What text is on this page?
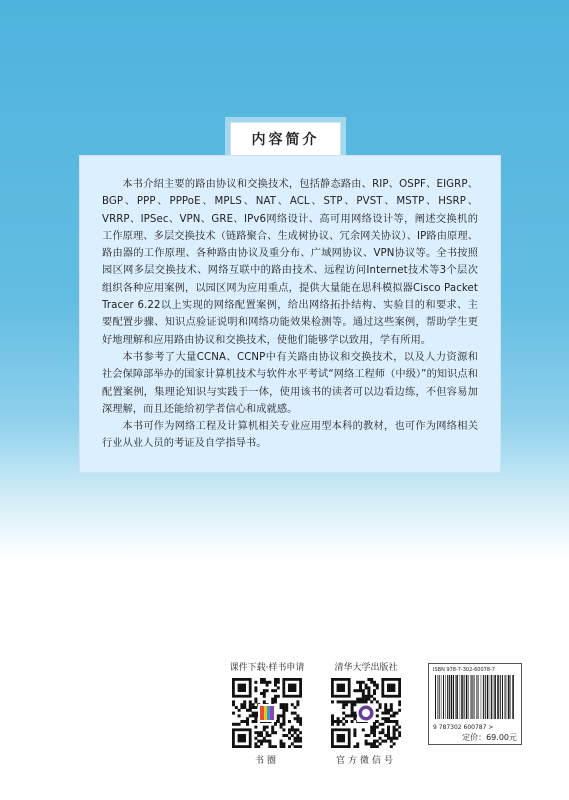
内容简介

本书介绍主要的路由协议和交换技术，包括静态路由、RIP、OSPF、EIGRP、BGP、PPP、PPPoE、MPLS、NAT、ACL、STP、PVST、MSTP、HSRP、VRRP、IPSec、VPN、GRE、IPv6网络设计、高可用网络设计等，阐述交换机的工作原理、多层交换技术（链路聚合、生成树协议、冗余网关协议）、IP路由原理、路由器的工作原理、各种路由协议及重分布、广域网协议、VPN协议等。全书按照园区网多层交换技术、网络互联中的路由技术、远程访问Internet技术等3个层次组织各种应用案例，以园区网为应用重点，提供大量能在思科模拟器Cisco Packet Tracer 6.22以上实现的网络配置案例，给出网络拓扑结构、实验目的和要求、主要配置步骤、知识点验证说明和网络功能效果检测等。通过这些案例，帮助学生更好地理解和应用路由协议和交换技术，使他们能够学以致用，学有所用。

本书参考了大量CCNA、CCNP中有关路由协议和交换技术，以及人力资源和社会保障部举办的国家计算机技术与软件水平考试“网络工程师（中级）”的知识点和配置案例，集理论知识与实践于一体，使用该书的读者可以边看边练，不但容易加深理解，而且还能给初学者信心和成就感。

本书可作为网络工程及计算机相关专业应用型本科的教材，也可作为网络相关行业从业人员的考证及自学指导书。

课件下载·样书申请
书圈
清华大学出版社
官方微信号
ISBN 978-7-302-60078-7
9 787302 600787 >
定价：69.00元
